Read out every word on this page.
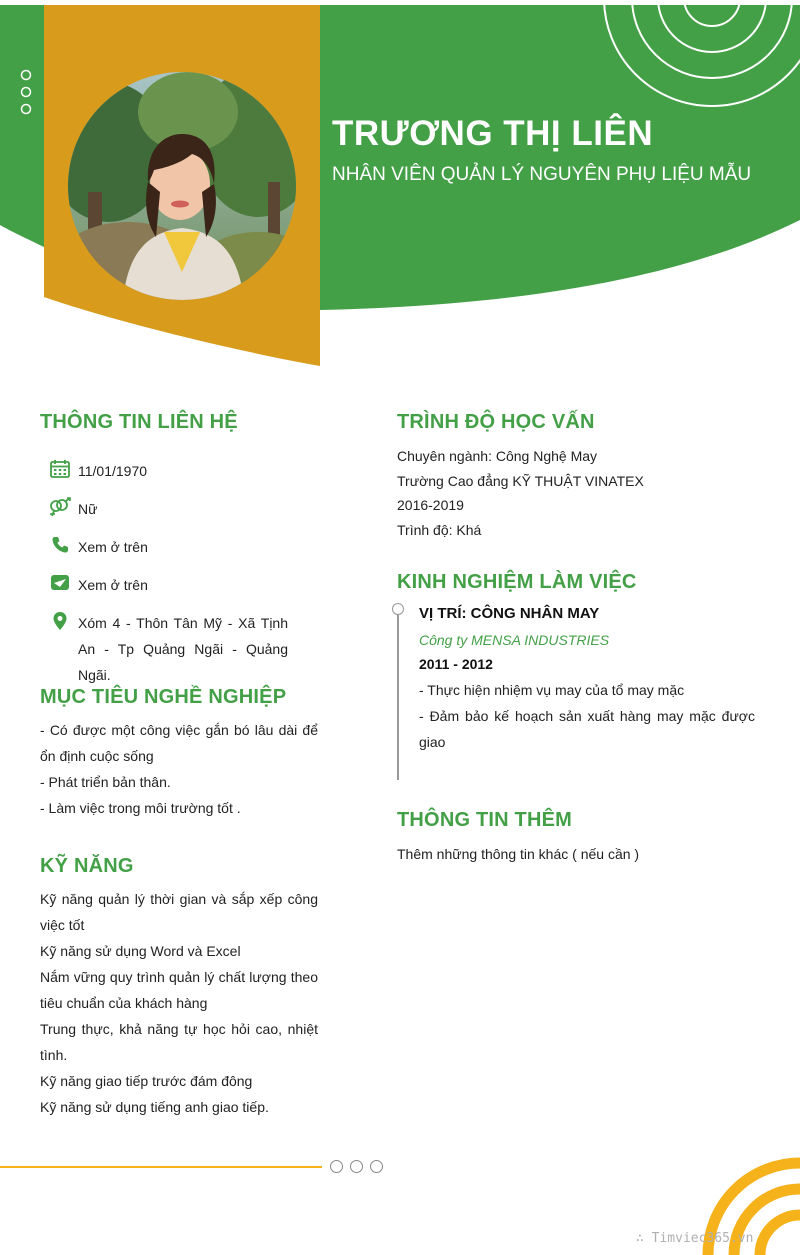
TRƯƠNG THỊ LIÊN
NHÂN VIÊN QUẢN LÝ NGUYÊN PHỤ LIỆU MẪU
THÔNG TIN LIÊN HỆ
11/01/1970
Nữ
Xem ở trên
Xem ở trên
Xóm 4 - Thôn Tân Mỹ - Xã Tịnh An - Tp Quảng Ngãi - Quảng Ngãi.
MỤC TIÊU NGHỀ NGHIỆP
- Có được một công việc gắn bó lâu dài để ổn định cuộc sống
- Phát triển bản thân.
- Làm việc trong môi trường tốt .
KỸ NĂNG
Kỹ năng quản lý thời gian và sắp xếp công việc tốt
Kỹ năng sử dụng Word và Excel
Nắm vững quy trình quản lý chất lượng theo tiêu chuẩn của khách hàng
Trung thực, khả năng tự học hỏi cao, nhiệt tình.
Kỹ năng giao tiếp trước đám đông
Kỹ năng sử dụng tiếng anh giao tiếp.
TRÌNH ĐỘ HỌC VẤN
Chuyên ngành: Công Nghệ May
Trường Cao đẳng KỸ THUẬT VINATEX
2016-2019
Trình độ: Khá
KINH NGHIỆM LÀM VIỆC
VỊ TRÍ: CÔNG NHÂN MAY
Công ty MENSA INDUSTRIES
2011 - 2012
- Thực hiện nhiệm vụ may của tổ may mặc
- Đảm bảo kế hoạch sản xuất hàng may mặc được giao
THÔNG TIN THÊM
Thêm những thông tin khác ( nếu cần )
∴ Timviec365.vn
